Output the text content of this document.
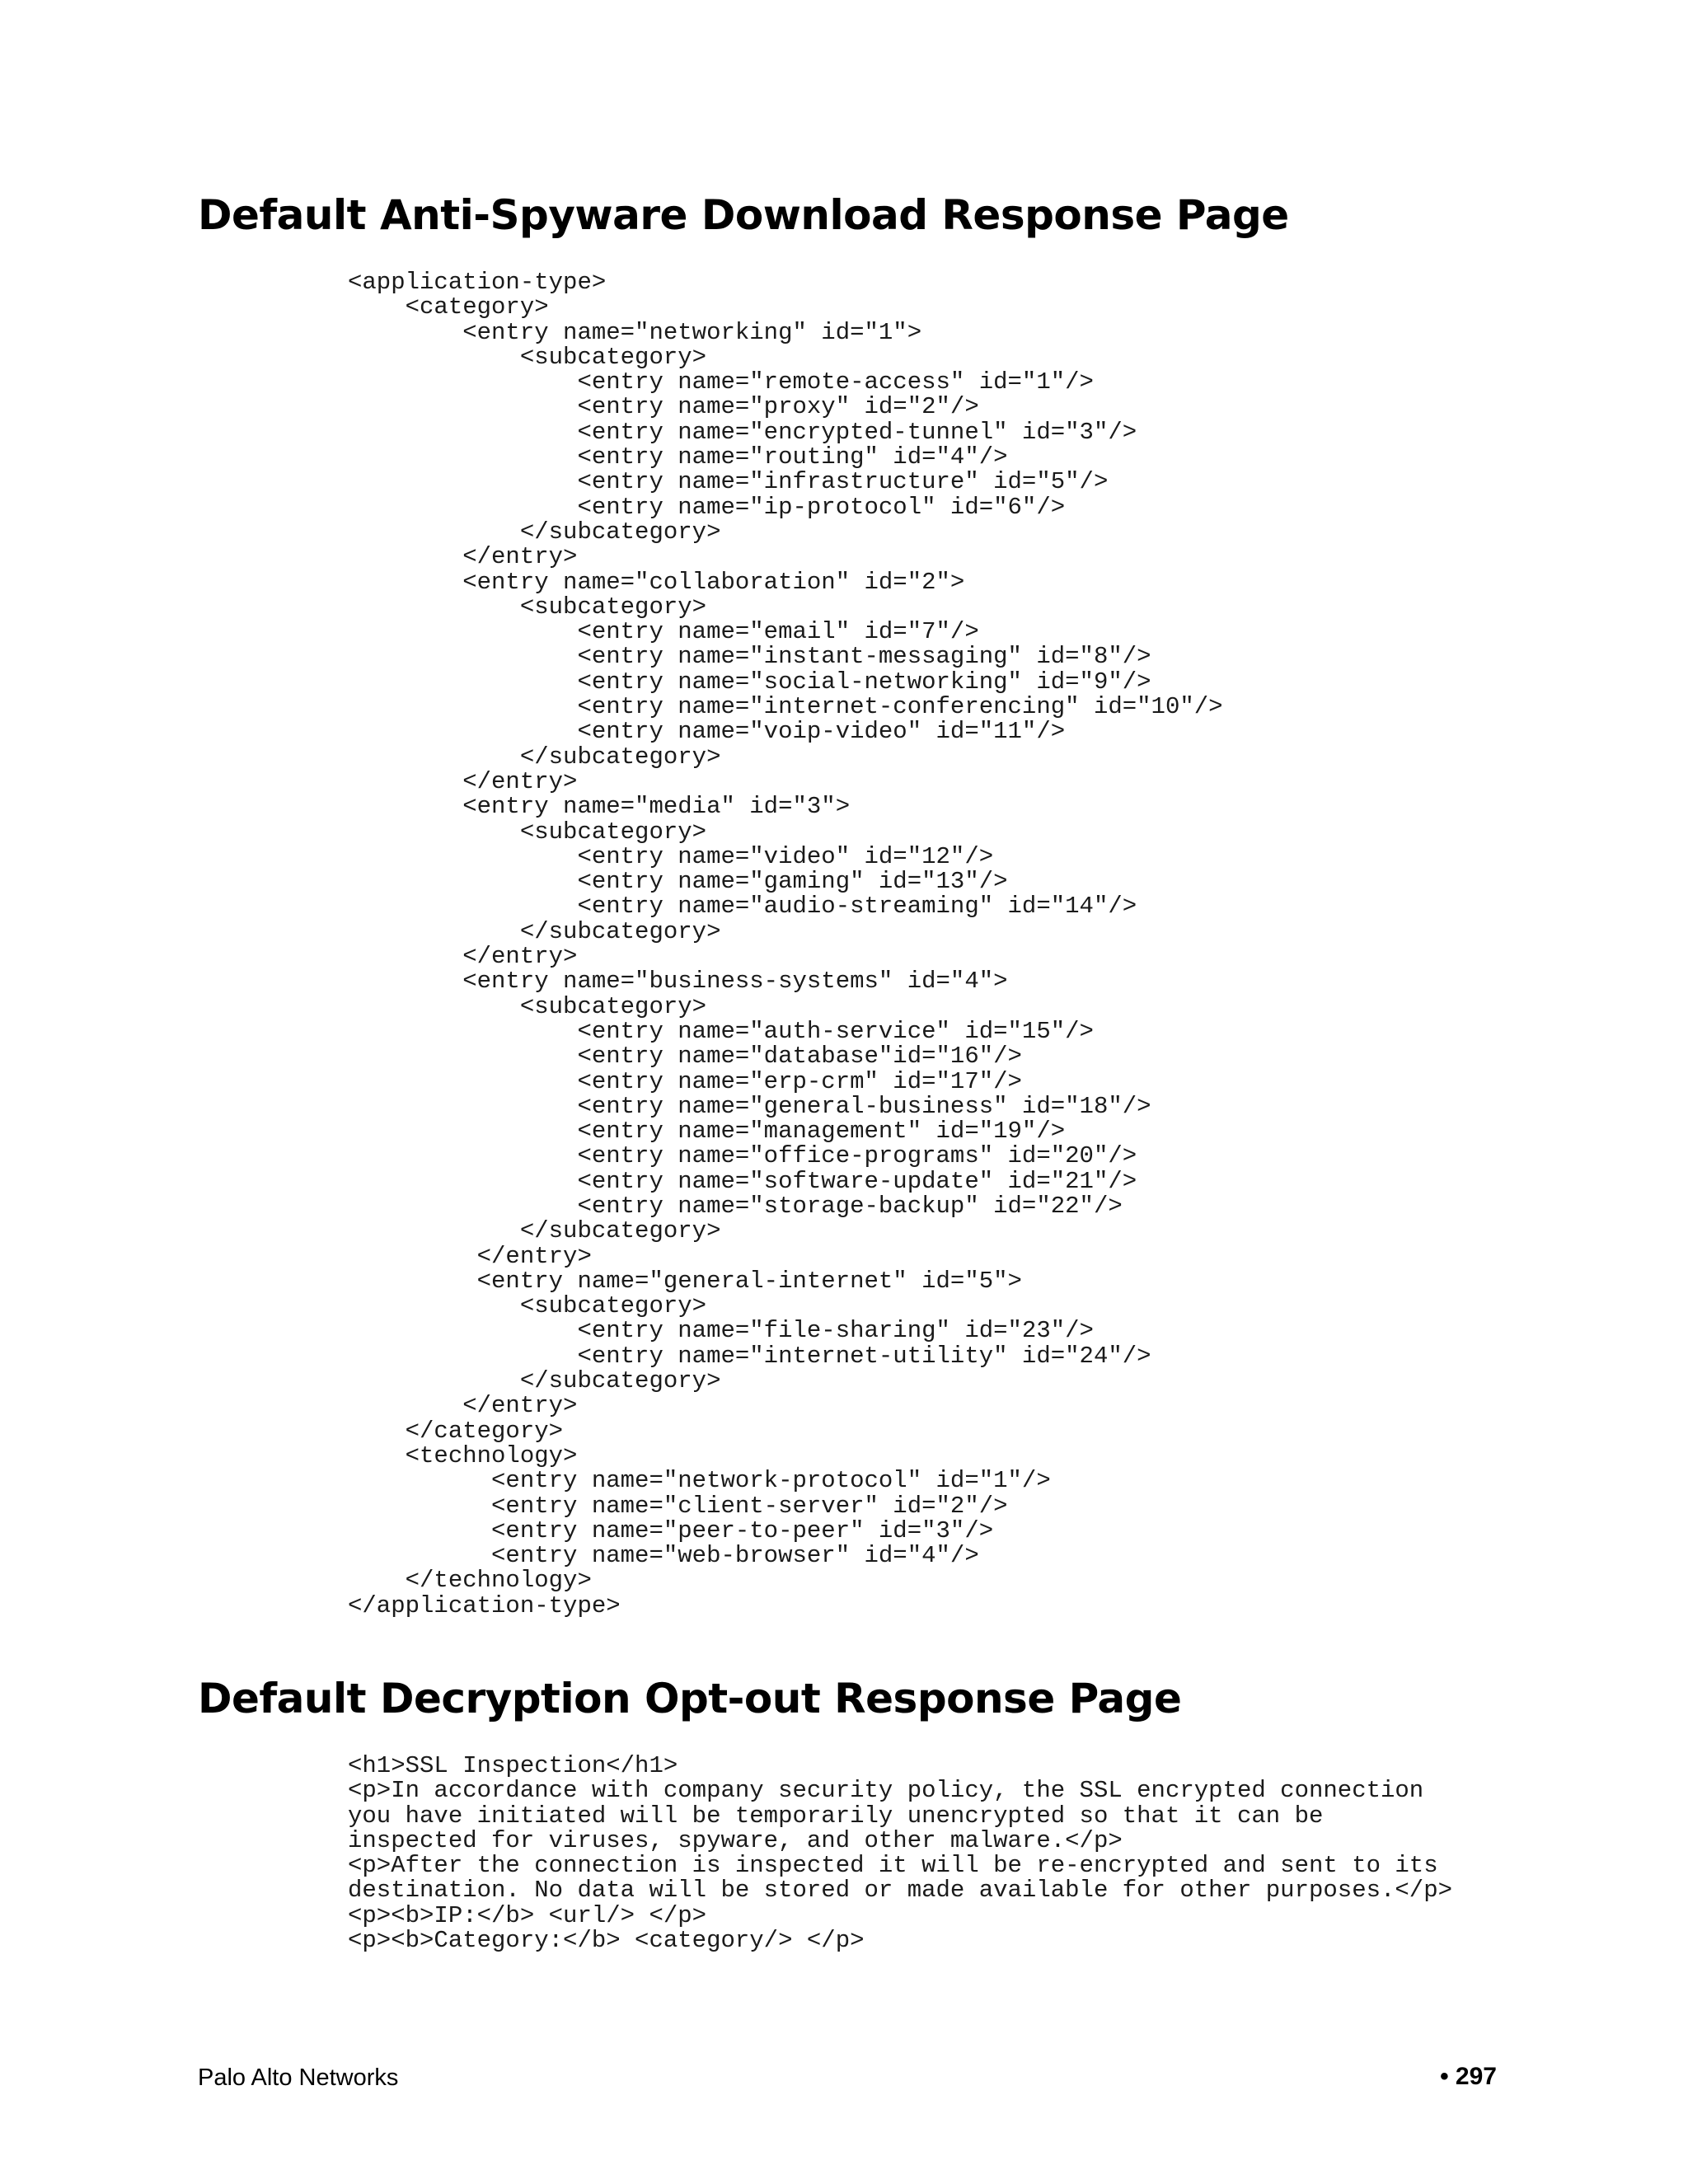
Default Anti-Spyware Download Response Page
<application-type>
<category>
<entry name="networking" id="1">
<subcategory>
<entry name="remote-access" id="1"/>
<entry name="proxy" id="2"/>
<entry name="encrypted-tunnel" id="3"/>
<entry name="routing" id="4"/>
<entry name="infrastructure" id="5"/>
<entry name="ip-protocol" id="6"/>
</subcategory>
</entry>
<entry name="collaboration" id="2">
<subcategory>
<entry name="email" id="7"/>
<entry name="instant-messaging" id="8"/>
<entry name="social-networking" id="9"/>
<entry name="internet-conferencing" id="10"/>
<entry name="voip-video" id="11"/>
</subcategory>
</entry>
<entry name="media" id="3">
<subcategory>
<entry name="video" id="12"/>
<entry name="gaming" id="13"/>
<entry name="audio-streaming" id="14"/>
</subcategory>
</entry>
<entry name="business-systems" id="4">
<subcategory>
<entry name="auth-service" id="15"/>
<entry name="database"id="16"/>
<entry name="erp-crm" id="17"/>
<entry name="general-business" id="18"/>
<entry name="management" id="19"/>
<entry name="office-programs" id="20"/>
<entry name="software-update" id="21"/>
<entry name="storage-backup" id="22"/>
</subcategory>
</entry>
<entry name="general-internet" id="5">
<subcategory>
<entry name="file-sharing" id="23"/>
<entry name="internet-utility" id="24"/>
</subcategory>
</entry>
</category>
<technology>
<entry name="network-protocol" id="1"/>
<entry name="client-server" id="2"/>
<entry name="peer-to-peer" id="3"/>
<entry name="web-browser" id="4"/>
</technology>
</application-type>
Default Decryption Opt-out Response Page
<h1>SSL Inspection</h1>
<p>In accordance with company security policy, the SSL encrypted connection
you have initiated will be temporarily unencrypted so that it can be
inspected for viruses, spyware, and other malware.</p>
<p>After the connection is inspected it will be re-encrypted and sent to its
destination. No data will be stored or made available for other purposes.</p>
<p><b>IP:</b> <url/> </p>
<p><b>Category:</b> <category/> </p>
Palo Alto Networks	• 297
